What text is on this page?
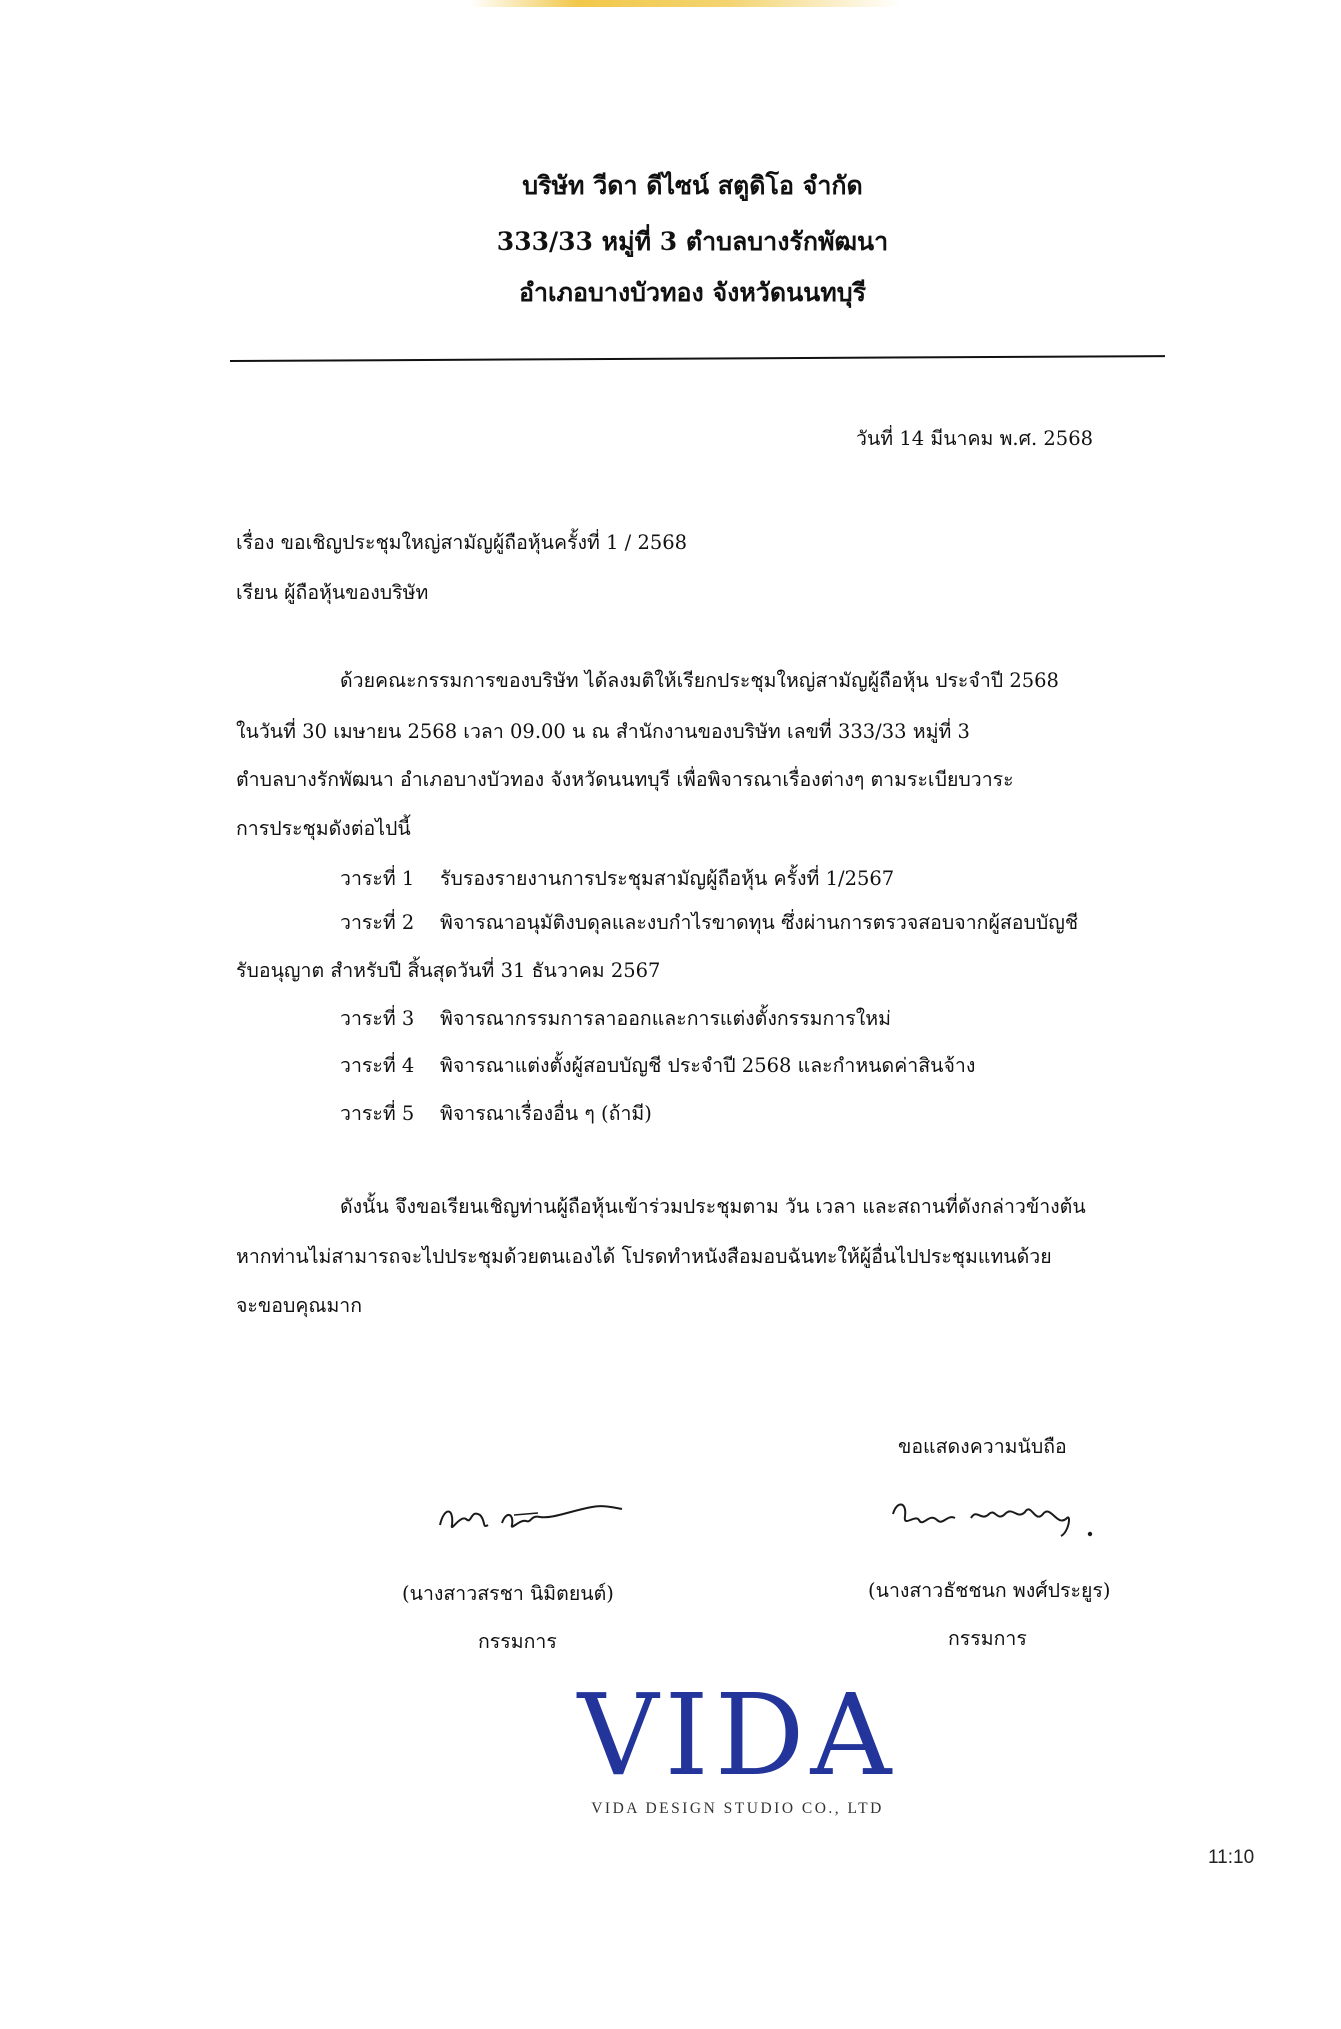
บริษัท วีดา ดีไซน์ สตูดิโอ จำกัด
333/33 หมู่ที่ 3 ตำบลบางรักพัฒนา
อำเภอบางบัวทอง จังหวัดนนทบุรี
วันที่ 14 มีนาคม พ.ศ. 2568
เรื่อง ขอเชิญประชุมใหญ่สามัญผู้ถือหุ้นครั้งที่ 1 / 2568
เรียน ผู้ถือหุ้นของบริษัท
ด้วยคณะกรรมการของบริษัท ได้ลงมติให้เรียกประชุมใหญ่สามัญผู้ถือหุ้น ประจำปี 2568
ในวันที่ 30 เมษายน 2568 เวลา 09.00 น ณ สำนักงานของบริษัท เลขที่ 333/33 หมู่ที่ 3
ตำบลบางรักพัฒนา อำเภอบางบัวทอง จังหวัดนนทบุรี เพื่อพิจารณาเรื่องต่างๆ ตามระเบียบวาระ
การประชุมดังต่อไปนี้
วาระที่ 1 รับรองรายงานการประชุมสามัญผู้ถือหุ้น ครั้งที่ 1/2567
วาระที่ 2 พิจารณาอนุมัติงบดุลและงบกำไรขาดทุน ซึ่งผ่านการตรวจสอบจากผู้สอบบัญชี
รับอนุญาต สำหรับปี สิ้นสุดวันที่ 31 ธันวาคม 2567
วาระที่ 3 พิจารณากรรมการลาออกและการแต่งตั้งกรรมการใหม่
วาระที่ 4 พิจารณาแต่งตั้งผู้สอบบัญชี ประจำปี 2568 และกำหนดค่าสินจ้าง
วาระที่ 5 พิจารณาเรื่องอื่น ๆ (ถ้ามี)
ดังนั้น จึงขอเรียนเชิญท่านผู้ถือหุ้นเข้าร่วมประชุมตาม วัน เวลา และสถานที่ดังกล่าวข้างต้น
หากท่านไม่สามารถจะไปประชุมด้วยตนเองได้ โปรดทำหนังสือมอบฉันทะให้ผู้อื่นไปประชุมแทนด้วย
จะขอบคุณมาก
ขอแสดงความนับถือ
(นางสาวสรชา นิมิตยนต์)	(นางสาวธัชชนก พงศ์ประยูร)
กรรมการ	กรรมการ
VIDA
VIDA DESIGN STUDIO CO., LTD
11:10
